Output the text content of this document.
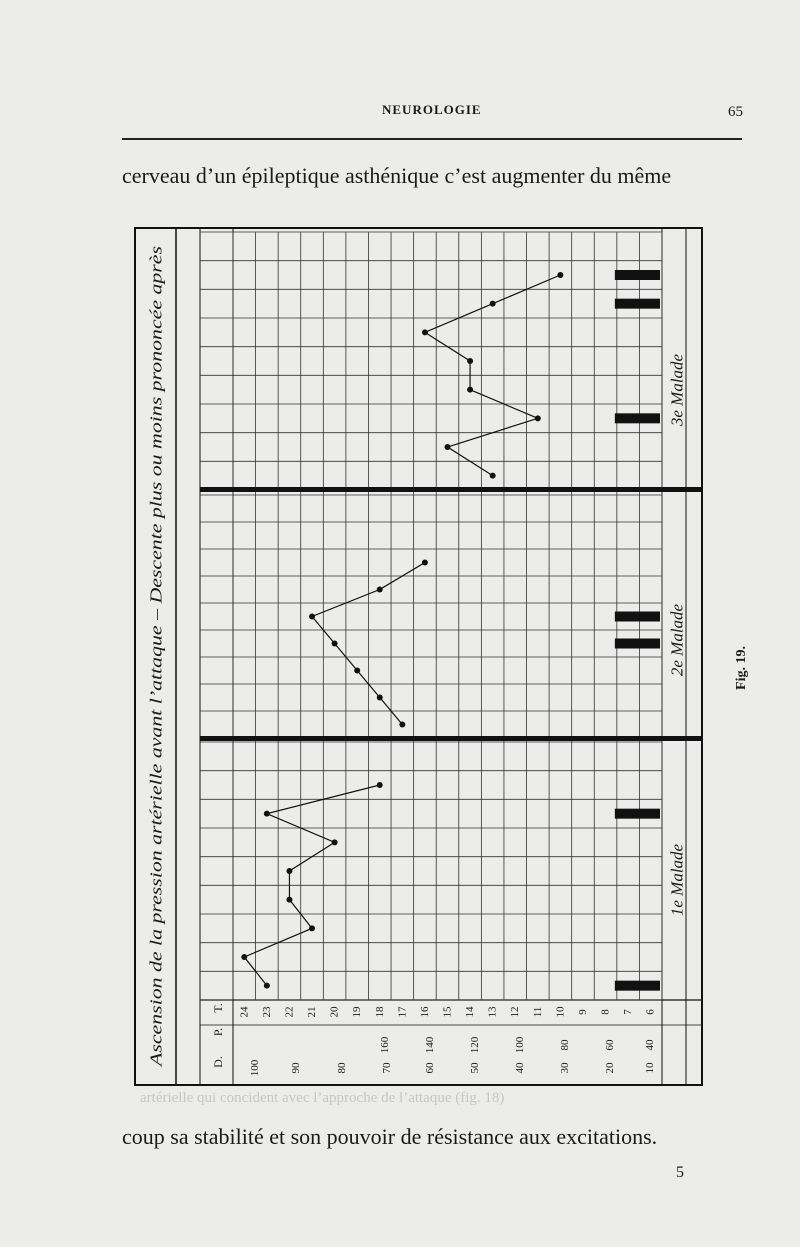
NEUROLOGIE	65
cerveau d’un épileptique asthénique c’est augmenter du même
D.
P.
T. 24 23 22 21 20 19 18 17 16 15 14 13 12 11 10 9 8 7 6
160	140	120	100	80	60	40
100	90	80	70	60	50	40	30	20	10
Ascension de la pression artérielle avant l’attaque – Descente plus ou moins prononcée après	1e Malade
2e Malade
3e Malade
Fig. 19.
artérielle qui concident avec l’approche de l’attaque (fig. 18)
coup sa stabilité et son pouvoir de résistance aux excitations.
5
